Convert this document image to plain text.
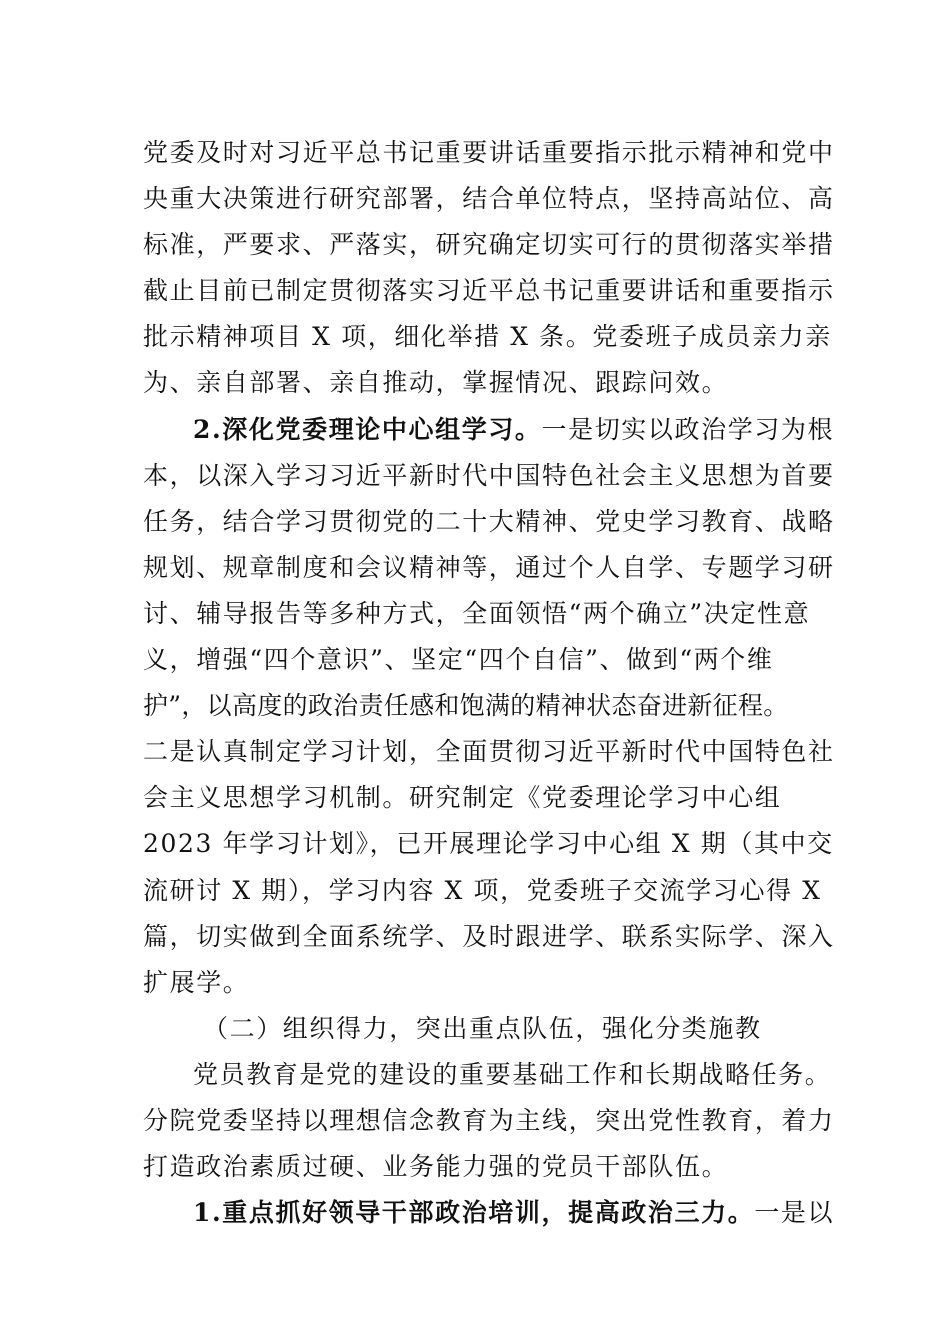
党委及时对习近平总书记重要讲话重要指示批示精神和党中
央重大决策进行研究部署，结合单位特点，坚持高站位、高
标准，严要求、严落实，研究确定切实可行的贯彻落实举措
截止目前已制定贯彻落实习近平总书记重要讲话和重要指示
批示精神项目 X 项，细化举措 X 条。党委班子成员亲力亲
为、亲自部署、亲自推动，掌握情况、跟踪问效。
2.深化党委理论中心组学习。一是切实以政治学习为根
本，以深入学习习近平新时代中国特色社会主义思想为首要
任务，结合学习贯彻党的二十大精神、党史学习教育、战略
规划、规章制度和会议精神等，通过个人自学、专题学习研
讨、辅导报告等多种方式，全面领悟“两个确立”决定性意
义，增强“四个意识”、坚定“四个自信”、做到“两个维
护”，以高度的政治责任感和饱满的精神状态奋进新征程。
二是认真制定学习计划，全面贯彻习近平新时代中国特色社
会主义思想学习机制。研究制定《党委理论学习中心组
2023 年学习计划》，已开展理论学习中心组 X 期（其中交
流研讨 X 期），学习内容 X 项，党委班子交流学习心得 X
篇，切实做到全面系统学、及时跟进学、联系实际学、深入
扩展学。
（二）组织得力，突出重点队伍，强化分类施教
党员教育是党的建设的重要基础工作和长期战略任务。
分院党委坚持以理想信念教育为主线，突出党性教育，着力
打造政治素质过硬、业务能力强的党员干部队伍。
1.重点抓好领导干部政治培训，提高政治三力。一是以
